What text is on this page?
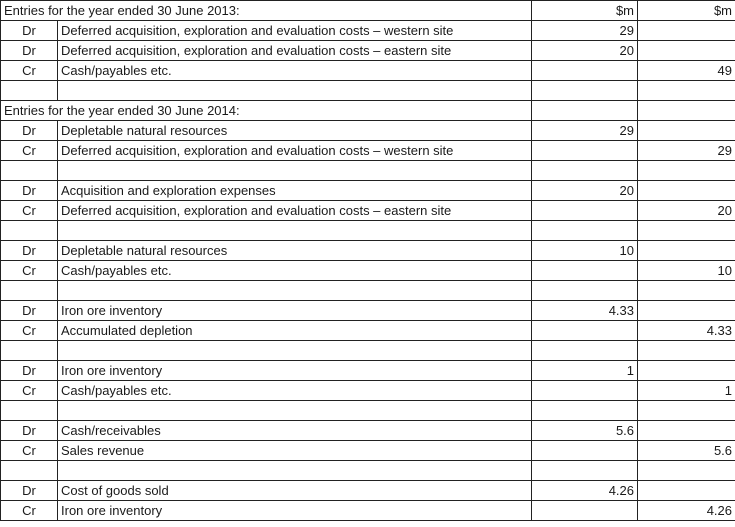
Entries for the year ended 30 June 2013:		$m	$m
Dr	Deferred acquisition, exploration and evaluation costs – western site	29	
Dr	Deferred acquisition, exploration and evaluation costs – eastern site	20	
Cr	Cash/payables etc.		49

Entries for the year ended 30 June 2014:			
Dr	Depletable natural resources	29	
Cr	Deferred acquisition, exploration and evaluation costs – western site		29

Dr	Acquisition and exploration expenses	20	
Cr	Deferred acquisition, exploration and evaluation costs – eastern site		20

Dr	Depletable natural resources	10	
Cr	Cash/payables etc.		10

Dr	Iron ore inventory	4.33	
Cr	Accumulated depletion		4.33

Dr	Iron ore inventory	1	
Cr	Cash/payables etc.		1

Dr	Cash/receivables	5.6	
Cr	Sales revenue		5.6

Dr	Cost of goods sold	4.26	
Cr	Iron ore inventory		4.26
